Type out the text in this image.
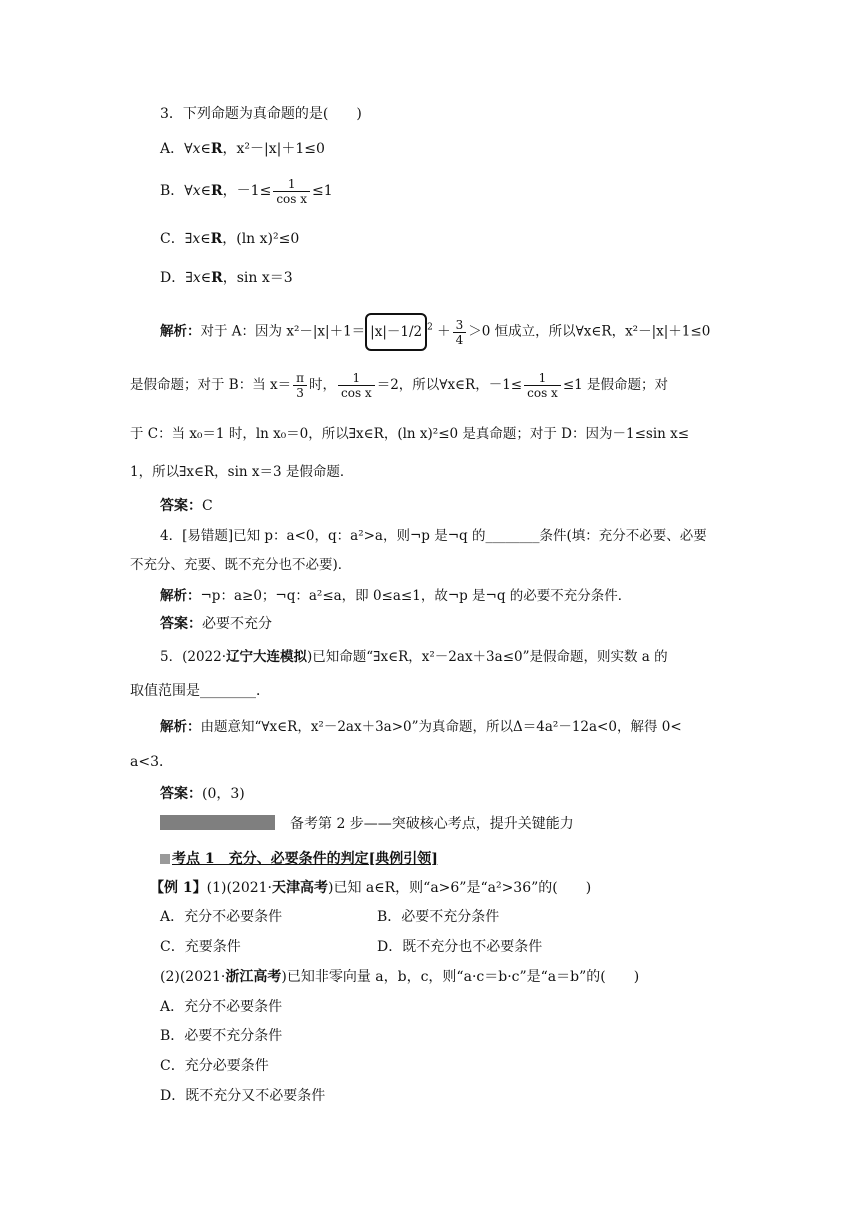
3．下列命题为真命题的是(　　)
A．∀x∈R，x²－|x|＋1≤0
B．∀x∈R，$-1\le \frac{1}{\text{cos x}} \le 1$
C．∃x∈R，(ln x)²≤0
D．∃x∈R，sin x＝3
解析：对于 A：因为 x²－|x|＋1＝ |x|－1/2 $^2 + \frac{3}{4} >0$ 恒成立，所以∀x∈R，x²－|x|＋1≤0
是假命题；对于 B：当 $x= \frac{\pi}{3}$ 时， $\frac{1}{\text{cos x}} =2$，所以∀x∈R，$-1\le \frac{1}{\text{cos x}} \le 1$ 是假命题；对
于 C：当 x₀＝1 时，ln x₀＝0，所以∃x∈R，(ln x)²≤0 是真命题；对于 D：因为－1≤sin x≤
1，所以∃x∈R，sin x＝3 是假命题．
答案：C
4．[易错题]已知 p：a<0，q：a²>a，则¬p 是¬q 的________条件(填：充分不必要、必要
不充分、充要、既不充分也不必要)．
解析：¬p：a≥0；¬q：a²≤a，即 0≤a≤1，故¬p 是¬q 的必要不充分条件．
答案：必要不充分
5．(2022·辽宁大连模拟)已知命题“∃x∈R，x²－2ax＋3a≤0”是假命题，则实数 a 的
取值范围是________．
解析：由题意知“∀x∈R，x²－2ax＋3a>0”为真命题，所以Δ＝4a²－12a<0，解得 0<
a<3．
答案：(0，3)
备考第 2 步——突破核心考点，提升关键能力
考点 1　充分、必要条件的判定[典例引领]
【例 1】(1)(2021·天津高考)已知 a∈R，则“a>6”是“a²>36”的(　　)
A．充分不必要条件	B．必要不充分条件
C．充要条件	D．既不充分也不必要条件
(2)(2021·浙江高考)已知非零向量 a，b，c，则“a·c＝b·c”是“a＝b”的(　　)
A．充分不必要条件
B．必要不充分条件
C．充分必要条件
D．既不充分又不必要条件
